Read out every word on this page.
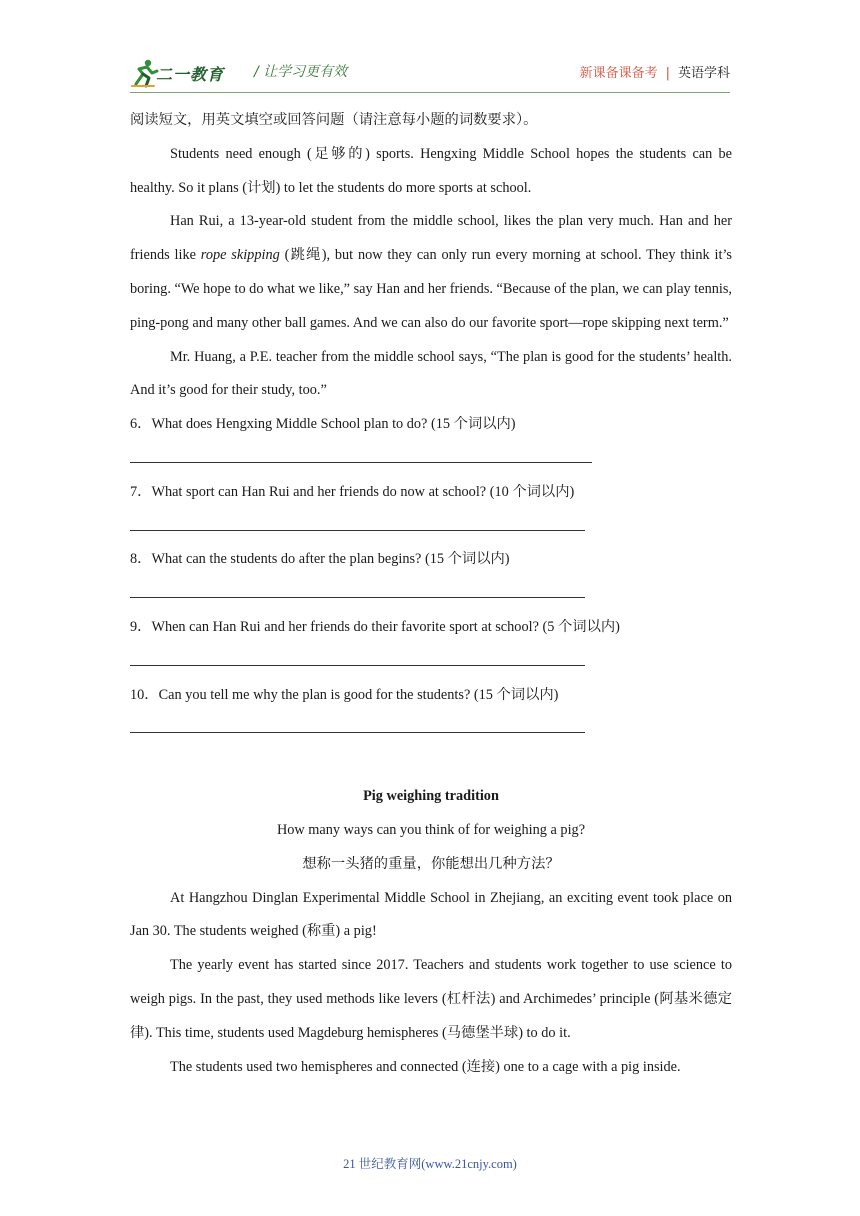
二一教育 / 让学习更有效	新课备课备考 | 英语学科

阅读短文，用英文填空或回答问题（请注意每小题的词数要求）。

Students need enough (足够的) sports. Hengxing Middle School hopes the students can be healthy. So it plans (计划) to let the students do more sports at school.

Han Rui, a 13-year-old student from the middle school, likes the plan very much. Han and her friends like rope skipping (跳绳), but now they can only run every morning at school. They think it’s boring. “We hope to do what we like,” say Han and her friends. “Because of the plan, we can play tennis, ping-pong and many other ball games. And we can also do our favorite sport—rope skipping next term.”

Mr. Huang, a P.E. teacher from the middle school says, “The plan is good for the students’ health. And it’s good for their study, too.”

6．What does Hengxing Middle School plan to do? (15 个词以内)

7．What sport can Han Rui and her friends do now at school? (10 个词以内)

8．What can the students do after the plan begins? (15 个词以内)

9．When can Han Rui and her friends do their favorite sport at school? (5 个词以内)

10．Can you tell me why the plan is good for the students? (15 个词以内)

Pig weighing tradition

How many ways can you think of for weighing a pig?

想称一头猪的重量，你能想出几种方法？

At Hangzhou Dinglan Experimental Middle School in Zhejiang, an exciting event took place on Jan 30. The students weighed (称重) a pig!

The yearly event has started since 2017. Teachers and students work together to use science to weigh pigs. In the past, they used methods like levers (杠杆法) and Archimedes’ principle (阿基米德定律). This time, students used Magdeburg hemispheres (马德堡半球) to do it.

The students used two hemispheres and connected (连接) one to a cage with a pig inside.

21 世纪教育网(www.21cnjy.com)
